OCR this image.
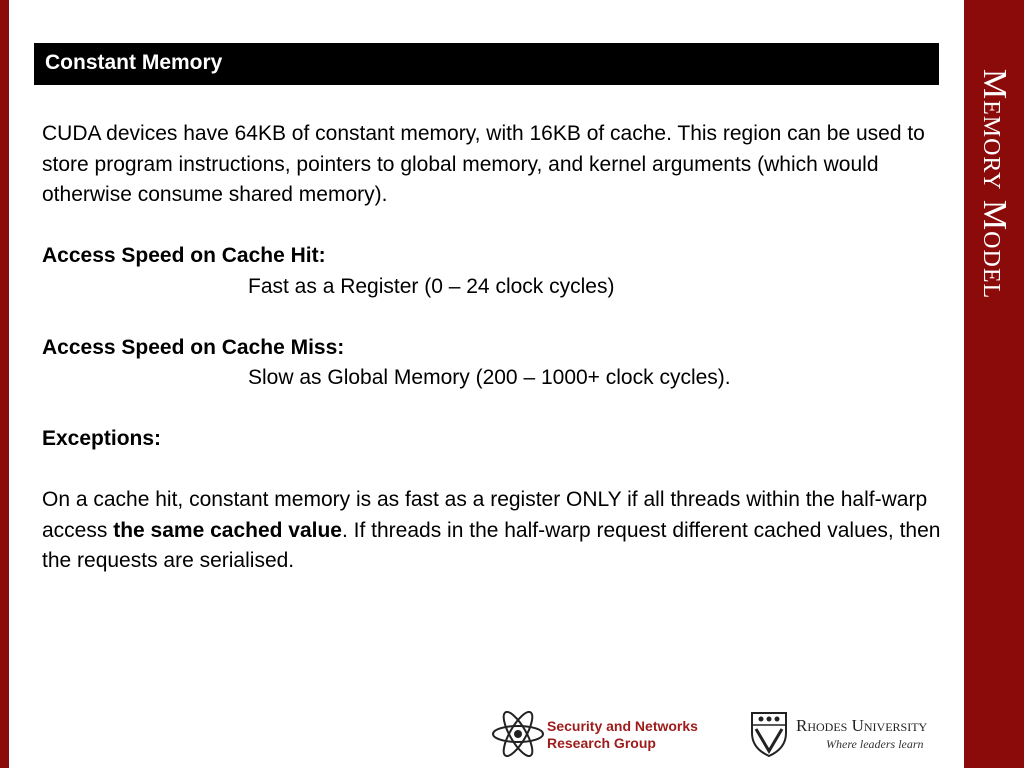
Memory Model
Constant Memory

CUDA devices have 64KB of constant memory, with 16KB of cache. This region can be used to store program instructions, pointers to global memory, and kernel arguments (which would otherwise consume shared memory).

Access Speed on Cache Hit:

Fast as a Register (0 – 24 clock cycles)

Access Speed on Cache Miss:

Slow as Global Memory (200 – 1000+ clock cycles).

Exceptions:

On a cache hit, constant memory is as fast as a register ONLY if all threads within the half-warp access the same cached value. If threads in the half-warp request different cached values, then the requests are serialised.

Security and Networks
Research Group
Rhodes University
Where leaders learn
